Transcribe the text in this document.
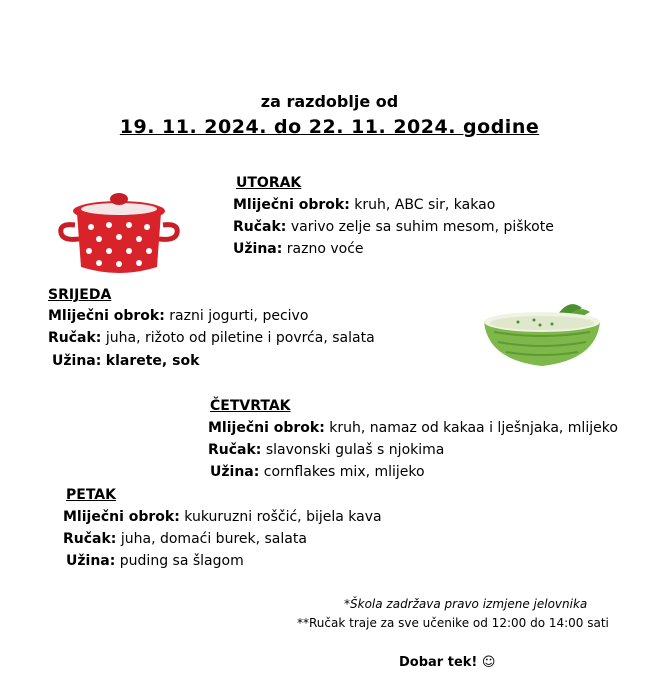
za razdoblje od
19. 11. 2024. do 22. 11. 2024. godine
UTORAK
Mliječni obrok: kruh, ABC sir, kakao
Ručak: varivo zelje sa suhim mesom, piškote
Užina: razno voće
SRIJEDA
Mliječni obrok: razni jogurti, pecivo
Ručak: juha, rižoto od piletine i povrća, salata
Užina: klarete, sok
ČETVRTAK
Mliječni obrok: kruh, namaz od kakaa i lješnjaka, mlijeko
Ručak: slavonski gulaš s njokima
Užina: cornflakes mix, mlijeko
PETAK
Mliječni obrok: kukuruzni roščić, bijela kava
Ručak: juha, domaći burek, salata
Užina: puding sa šlagom
*Škola zadržava pravo izmjene jelovnika
**Ručak traje za sve učenike od 12:00 do 14:00 sati
Dobar tek! ☺
